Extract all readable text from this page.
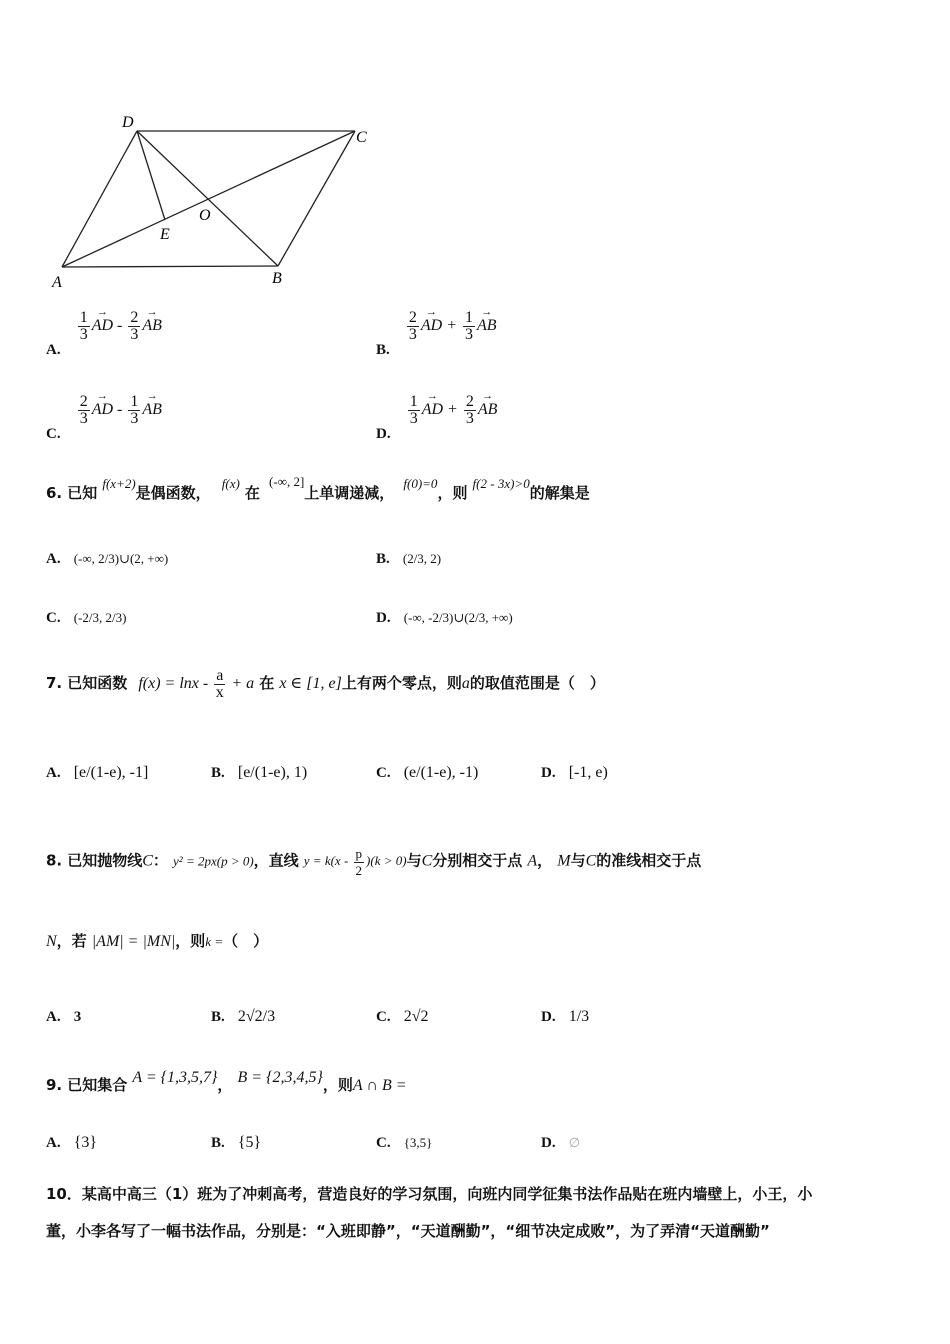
D
C
O
E
A	B
A.
$\frac{1}{3}$ → AD - $\frac{2}{3}$ → AB
B.
$\frac{2}{3}$ → AD + $\frac{1}{3}$ → AB
C.
$\frac{2}{3}$ → AD - $\frac{1}{3}$ → AB
D.
$\frac{1}{3}$ → AD + $\frac{2}{3}$ → AB
6. 已知 $^{f(x+2)}$是偶函数， $^{f(x)}$ 在 $^{(-\infty, 2]}$上单调递减， $^{f(0)=0}$，则 $^{f(2 - 3x)>0}$的解集是
A. (-∞, 2/3)∪(2, +∞)	B. (2/3, 2)
C. (-2/3, 2/3)	D. (-∞, -2/3)∪(2/3, +∞)
7. 已知函数 $f(x) = \ln x - \frac{a}{x} + a$ 在 x ∈ [1, e]上有两个零点，则a的取值范围是（　）
A. [e/(1-e), -1]	B. [e/(1-e), 1)	C. (e/(1-e), -1)	D. [-1, e)
8. 已知抛物线C： y² = 2px(p > 0)，直线 $y = k(x - \frac{p}{2} )(k > 0)$与C分别相交于点 A， M与C的准线相交于点
N，若 |AM| = |MN|，则k =（　）
A. 3	B. 2√2/3	C. 2√2	D. 1/3
9. 已知集合 A = {1,3,5,7}， B = {2,3,4,5}，则A ∩ B =
A. {3}	B. {5}	C. {3,5}	D. ∅
10．某高中高三（1）班为了冲刺高考，营造良好的学习氛围，向班内同学征集书法作品贴在班内墙壁上，小王，小
董，小李各写了一幅书法作品，分别是：“入班即静”，“天道酬勤”，“细节决定成败”，为了弄清“天道酬勤”
